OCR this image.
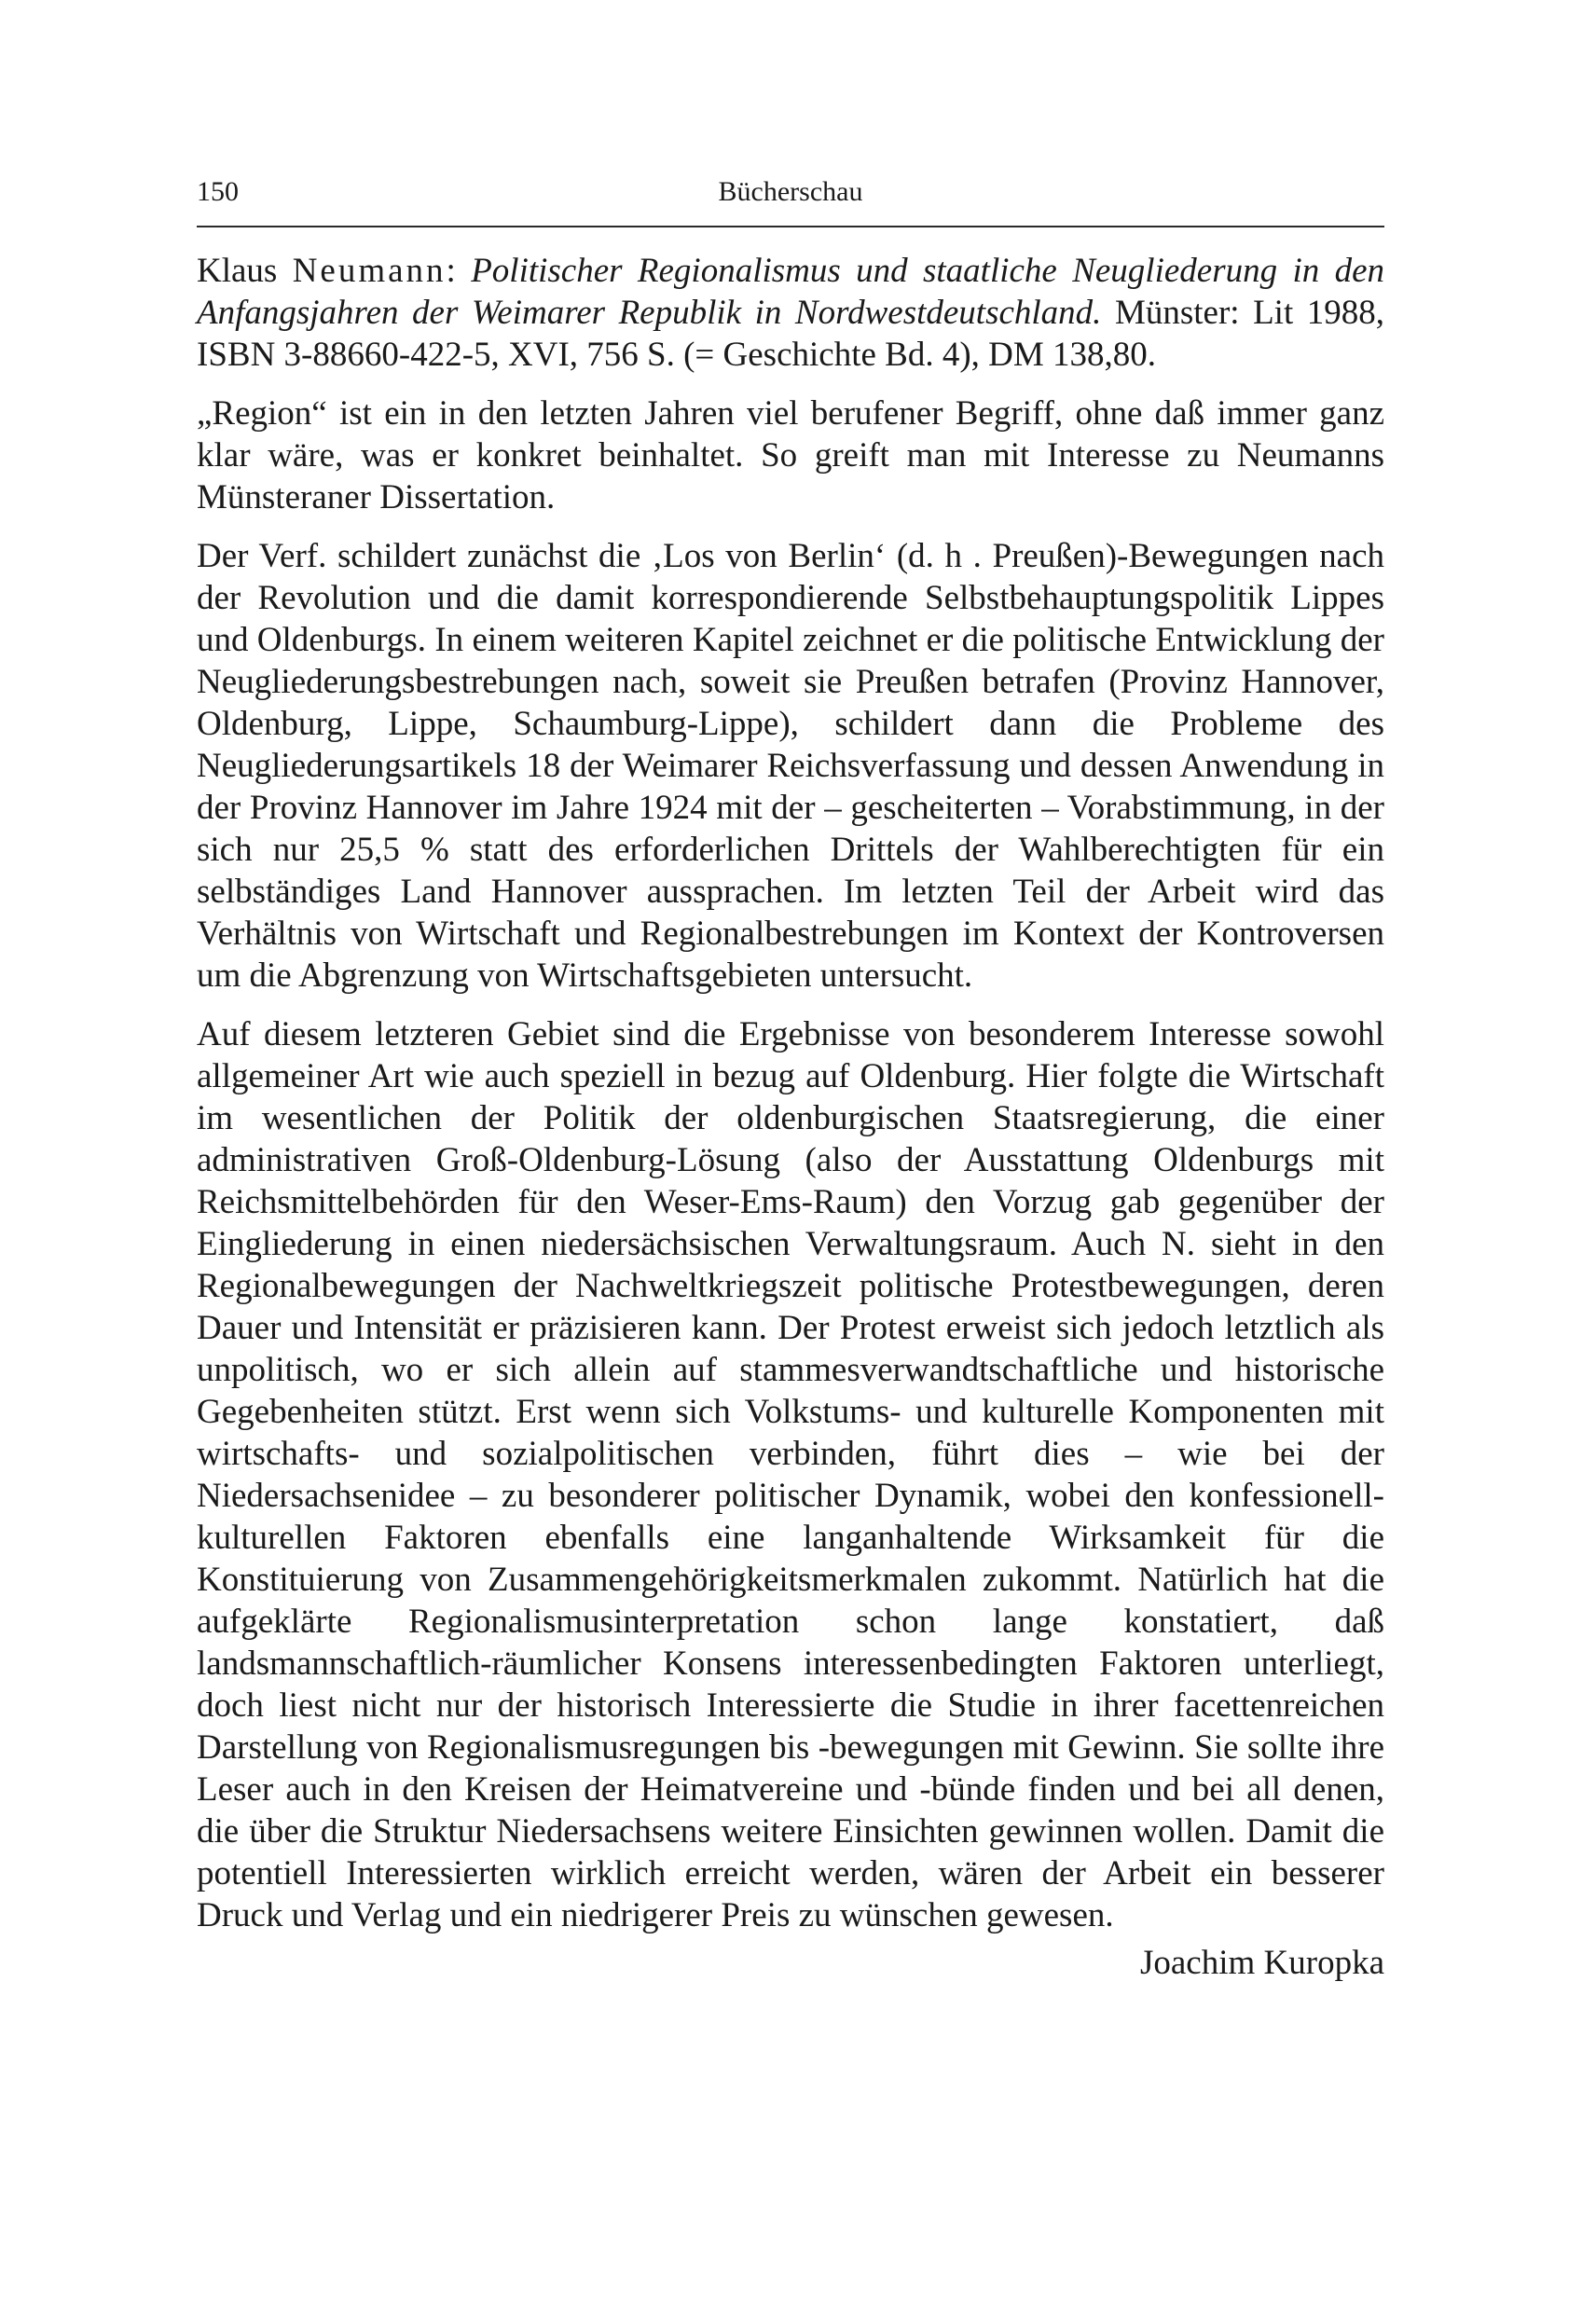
150	Bücherschau

Klaus Neumann: Politischer Regionalismus und staatliche Neugliederung in den Anfangsjahren der Weimarer Republik in Nordwestdeutschland. Münster: Lit 1988, ISBN 3-88660-422-5, XVI, 756 S. (= Geschichte Bd. 4), DM 138,80.

„Region“ ist ein in den letzten Jahren viel berufener Begriff, ohne daß immer ganz klar wäre, was er konkret beinhaltet. So greift man mit Interesse zu Neumanns Münsteraner Dissertation.

Der Verf. schildert zunächst die ‚Los von Berlin‘ (d. h . Preußen)-Bewegungen nach der Revolution und die damit korrespondierende Selbstbehauptungspolitik Lippes und Oldenburgs. In einem weiteren Kapitel zeichnet er die politische Entwicklung der Neugliederungsbestrebungen nach, soweit sie Preußen betrafen (Provinz Hannover, Oldenburg, Lippe, Schaumburg-Lippe), schildert dann die Probleme des Neugliederungsartikels 18 der Weimarer Reichsverfassung und dessen Anwendung in der Provinz Hannover im Jahre 1924 mit der – gescheiterten – Vorabstimmung, in der sich nur 25,5 % statt des erforderlichen Drittels der Wahlberechtigten für ein selbständiges Land Hannover aussprachen. Im letzten Teil der Arbeit wird das Verhältnis von Wirtschaft und Regionalbestrebungen im Kontext der Kontroversen um die Abgrenzung von Wirtschaftsgebieten untersucht.

Auf diesem letzteren Gebiet sind die Ergebnisse von besonderem Interesse sowohl allgemeiner Art wie auch speziell in bezug auf Oldenburg. Hier folgte die Wirtschaft im wesentlichen der Politik der oldenburgischen Staatsregierung, die einer administrativen Groß-Oldenburg-Lösung (also der Ausstattung Oldenburgs mit Reichsmittelbehörden für den Weser-Ems-Raum) den Vorzug gab gegenüber der Eingliederung in einen niedersächsischen Verwaltungsraum. Auch N. sieht in den Regionalbewegungen der Nachweltkriegszeit politische Protestbewegungen, deren Dauer und Intensität er präzisieren kann. Der Protest erweist sich jedoch letztlich als unpolitisch, wo er sich allein auf stammesverwandtschaftliche und historische Gegebenheiten stützt. Erst wenn sich Volkstums- und kulturelle Komponenten mit wirtschafts- und sozialpolitischen verbinden, führt dies – wie bei der Niedersachsenidee – zu besonderer politischer Dynamik, wobei den konfessionell-kulturellen Faktoren ebenfalls eine langanhaltende Wirksamkeit für die Konstituierung von Zusammengehörigkeitsmerkmalen zukommt. Natürlich hat die aufgeklärte Regionalismusinterpretation schon lange konstatiert, daß landsmannschaftlich-räumlicher Konsens interessenbedingten Faktoren unterliegt, doch liest nicht nur der historisch Interessierte die Studie in ihrer facettenreichen Darstellung von Regionalismusregungen bis -bewegungen mit Gewinn. Sie sollte ihre Leser auch in den Kreisen der Heimatvereine und -bünde finden und bei all denen, die über die Struktur Niedersachsens weitere Einsichten gewinnen wollen. Damit die potentiell Interessierten wirklich erreicht werden, wären der Arbeit ein besserer Druck und Verlag und ein niedrigerer Preis zu wünschen gewesen.

Joachim Kuropka
